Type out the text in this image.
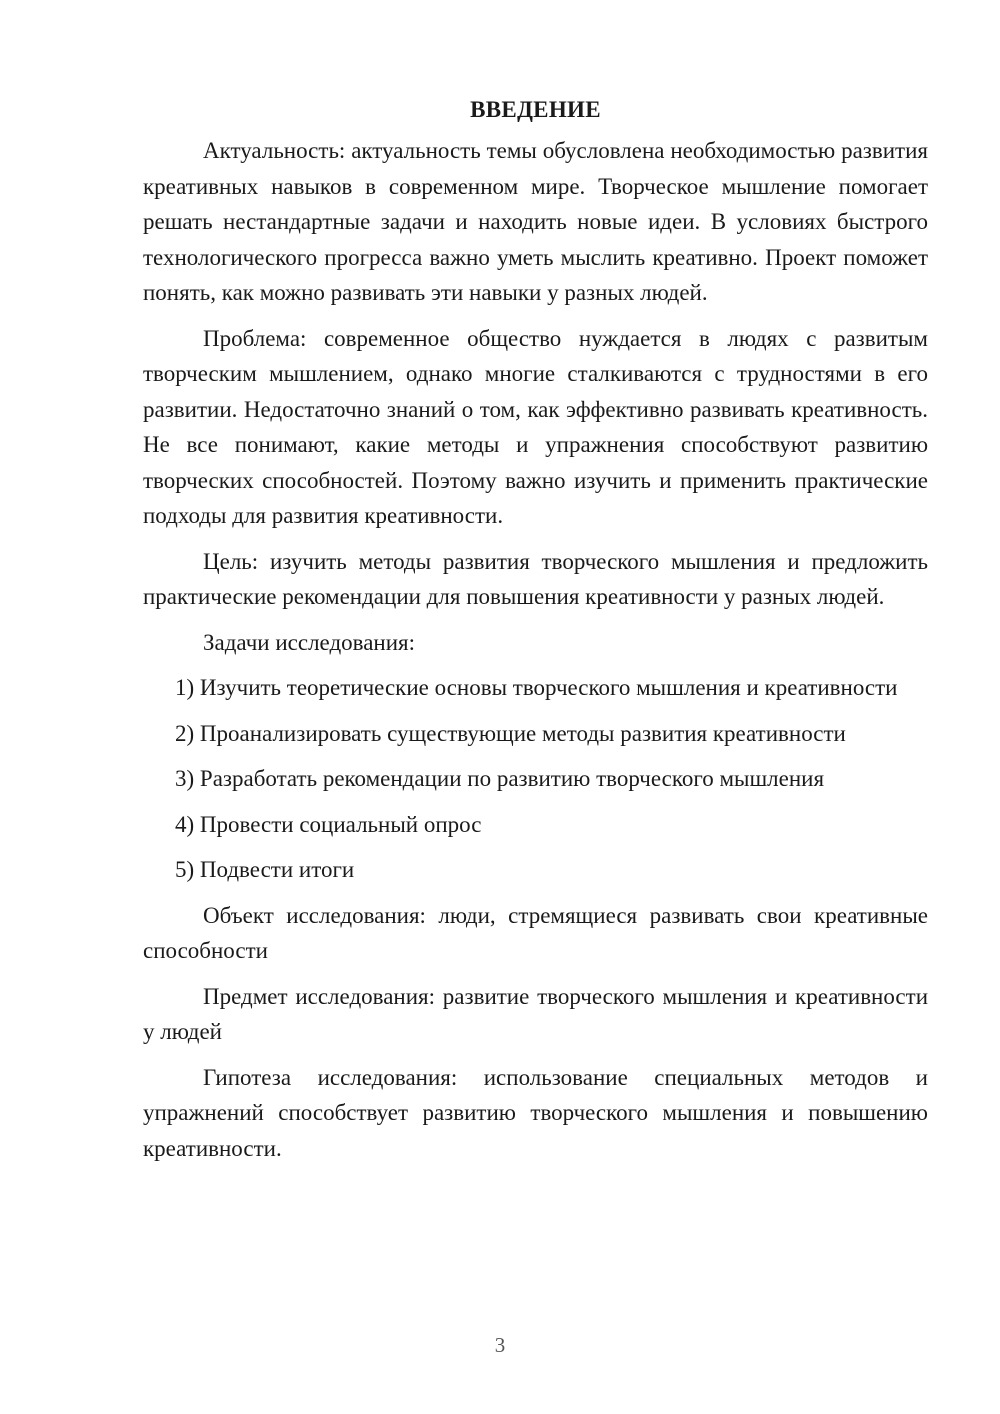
ВВЕДЕНИЕ

Актуальность: актуальность темы обусловлена необходимостью развития креативных навыков в современном мире. Творческое мышление помогает решать нестандартные задачи и находить новые идеи. В условиях быстрого технологического прогресса важно уметь мыслить креативно. Проект поможет понять, как можно развивать эти навыки у разных людей.

Проблема: современное общество нуждается в людях с развитым творческим мышлением, однако многие сталкиваются с трудностями в его развитии. Недостаточно знаний о том, как эффективно развивать креативность. Не все понимают, какие методы и упражнения способствуют развитию творческих способностей. Поэтому важно изучить и применить практические подходы для развития креативности.

Цель: изучить методы развития творческого мышления и предложить практические рекомендации для повышения креативности у разных людей.

Задачи исследования:

1) Изучить теоретические основы творческого мышления и креативности

2) Проанализировать существующие методы развития креативности

3) Разработать рекомендации по развитию творческого мышления

4) Провести социальный опрос

5) Подвести итоги

Объект исследования: люди, стремящиеся развивать свои креативные способности

Предмет исследования: развитие творческого мышления и креативности у людей

Гипотеза исследования: использование специальных методов и упражнений способствует развитию творческого мышления и повышению креативности.

3
